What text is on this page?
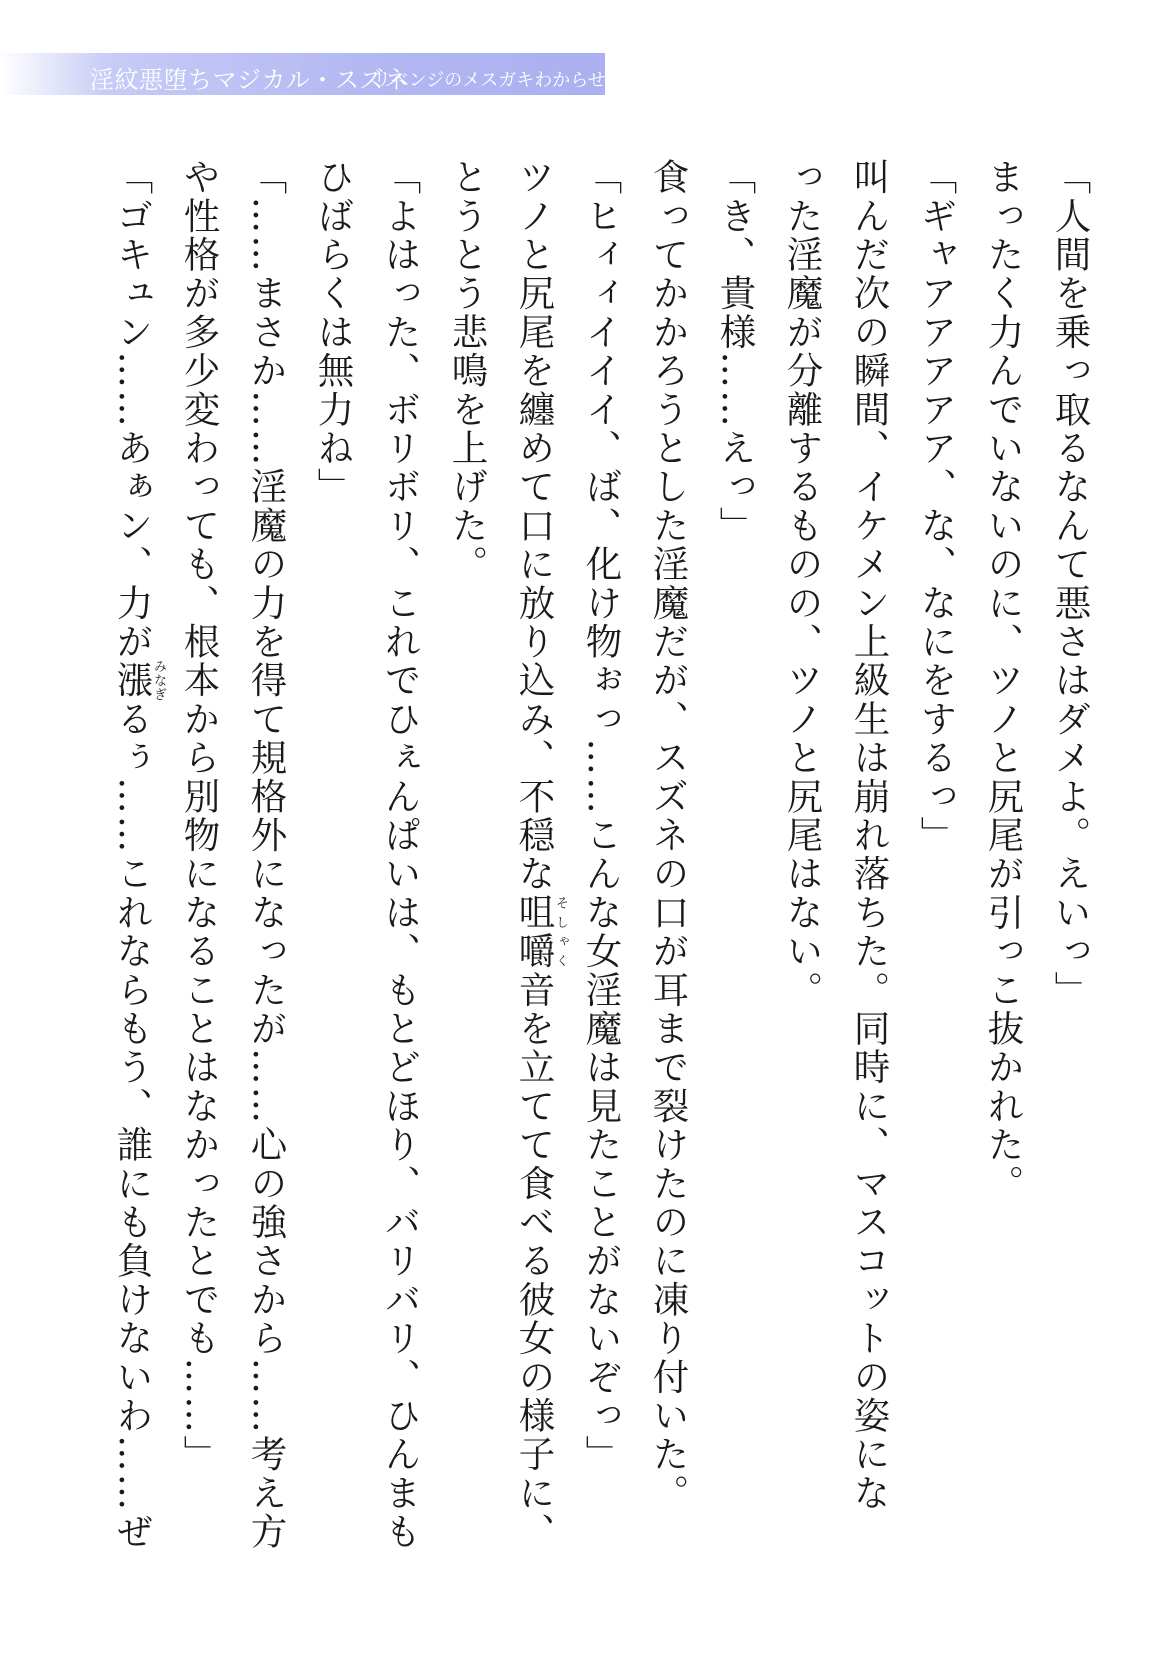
淫紋悪堕ちマジカル・スズネ
リベンジのメスガキわからせ
「人間を乗っ取るなんて悪さはダメよ。えいっ」
まったく力んでいないのに、ツノと尻尾が引っこ抜かれた。
「ギャアアアアア、な、なにをするっ」
叫んだ次の瞬間、イケメン上級生は崩れ落ちた。同時に、マスコットの姿にな
った淫魔が分離するものの、ツノと尻尾はない。
「き、貴様……えっ」
食ってかかろうとした淫魔だが、スズネの口が耳まで裂けたのに凍り付いた。
「ヒィィイイイ、ば、化け物ぉっ……こんな女淫魔は見たことがないぞっ」
ツノと尻尾を纏めて口に放り込み、不穏な咀嚼そしゃく音を立てて食べる彼女の様子に、
とうとう悲鳴を上げた。
「よはった、ボリボリ、これでひぇんぱいは、もとどほり、バリバリ、ひんまも
ひばらくは無力ね」
「……まさか……淫魔の力を得て規格外になったが……心の強さから……考え方
や性格が多少変わっても、根本から別物になることはなかったとでも……」
「ゴキュン……あぁン、力が漲みなぎるぅ……これならもう、誰にも負けないわ……ぜ
